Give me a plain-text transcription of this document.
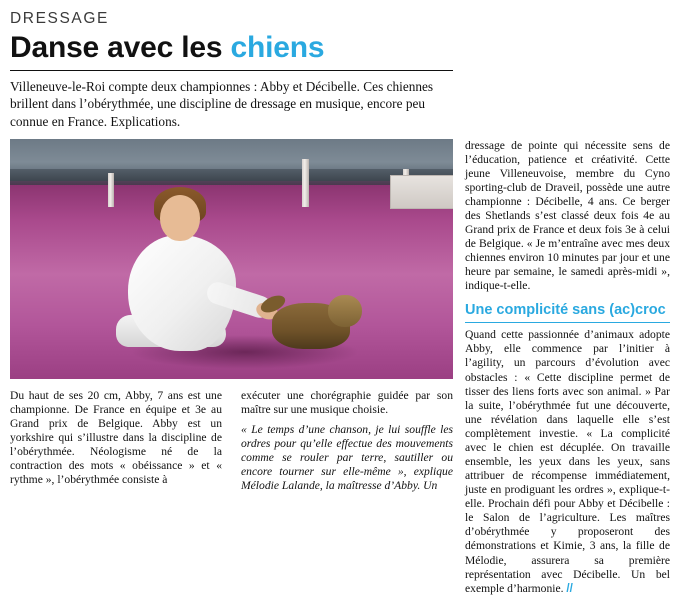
DRESSAGE
Danse avec les chiens
Villeneuve-le-Roi compte deux championnes : Abby et Décibelle. Ces chiennes brillent dans l’obérythmée, une discipline de dressage en musique, encore peu connue en France. Explications.

Du haut de ses 20 cm, Abby, 7 ans est une championne. De France en équipe et 3e au Grand prix de Belgique. Abby est un yorkshire qui s’illustre dans la discipline de l’obérythmée. Néologisme né de la contraction des mots « obéissance » et « rythme », l’obérythmée consiste à

exécuter une chorégraphie guidée par son maître sur une musique choisie.

« Le temps d’une chanson, je lui souffle les ordres pour qu’elle effectue des mouvements comme se rouler par terre, sautiller ou encore tourner sur elle-même », explique Mélodie Lalande, la maîtresse d’Abby. Un

dressage de pointe qui nécessite sens de l’éducation, patience et créativité. Cette jeune Villeneuvoise, membre du Cyno sporting-club de Draveil, possède une autre championne : Décibelle, 4 ans. Ce berger des Shetlands s’est classé deux fois 4e au Grand prix de France et deux fois 3e à celui de Belgique. « Je m’entraîne avec mes deux chiennes environ 10 minutes par jour et une heure par semaine, le samedi après-midi », indique-t-elle.

Une complicité sans (ac)croc

Quand cette passionnée d’animaux adopte Abby, elle commence par l’initier à l’agility, un parcours d’évolution avec obstacles : « Cette discipline permet de tisser des liens forts avec son animal. » Par la suite, l’obérythmée fut une découverte, une révélation dans laquelle elle s’est complètement investie. « La complicité avec le chien est décuplée. On travaille ensemble, les yeux dans les yeux, sans attribuer de récompense immédiatement, juste en prodiguant les ordres », explique-t-elle. Prochain défi pour Abby et Décibelle : le Salon de l’agriculture. Les maîtres d’obérythmée y proposeront des démonstrations et Kimie, 3 ans, la fille de Mélodie, assurera sa première représentation avec Décibelle. Un bel exemple d’harmonie. //
